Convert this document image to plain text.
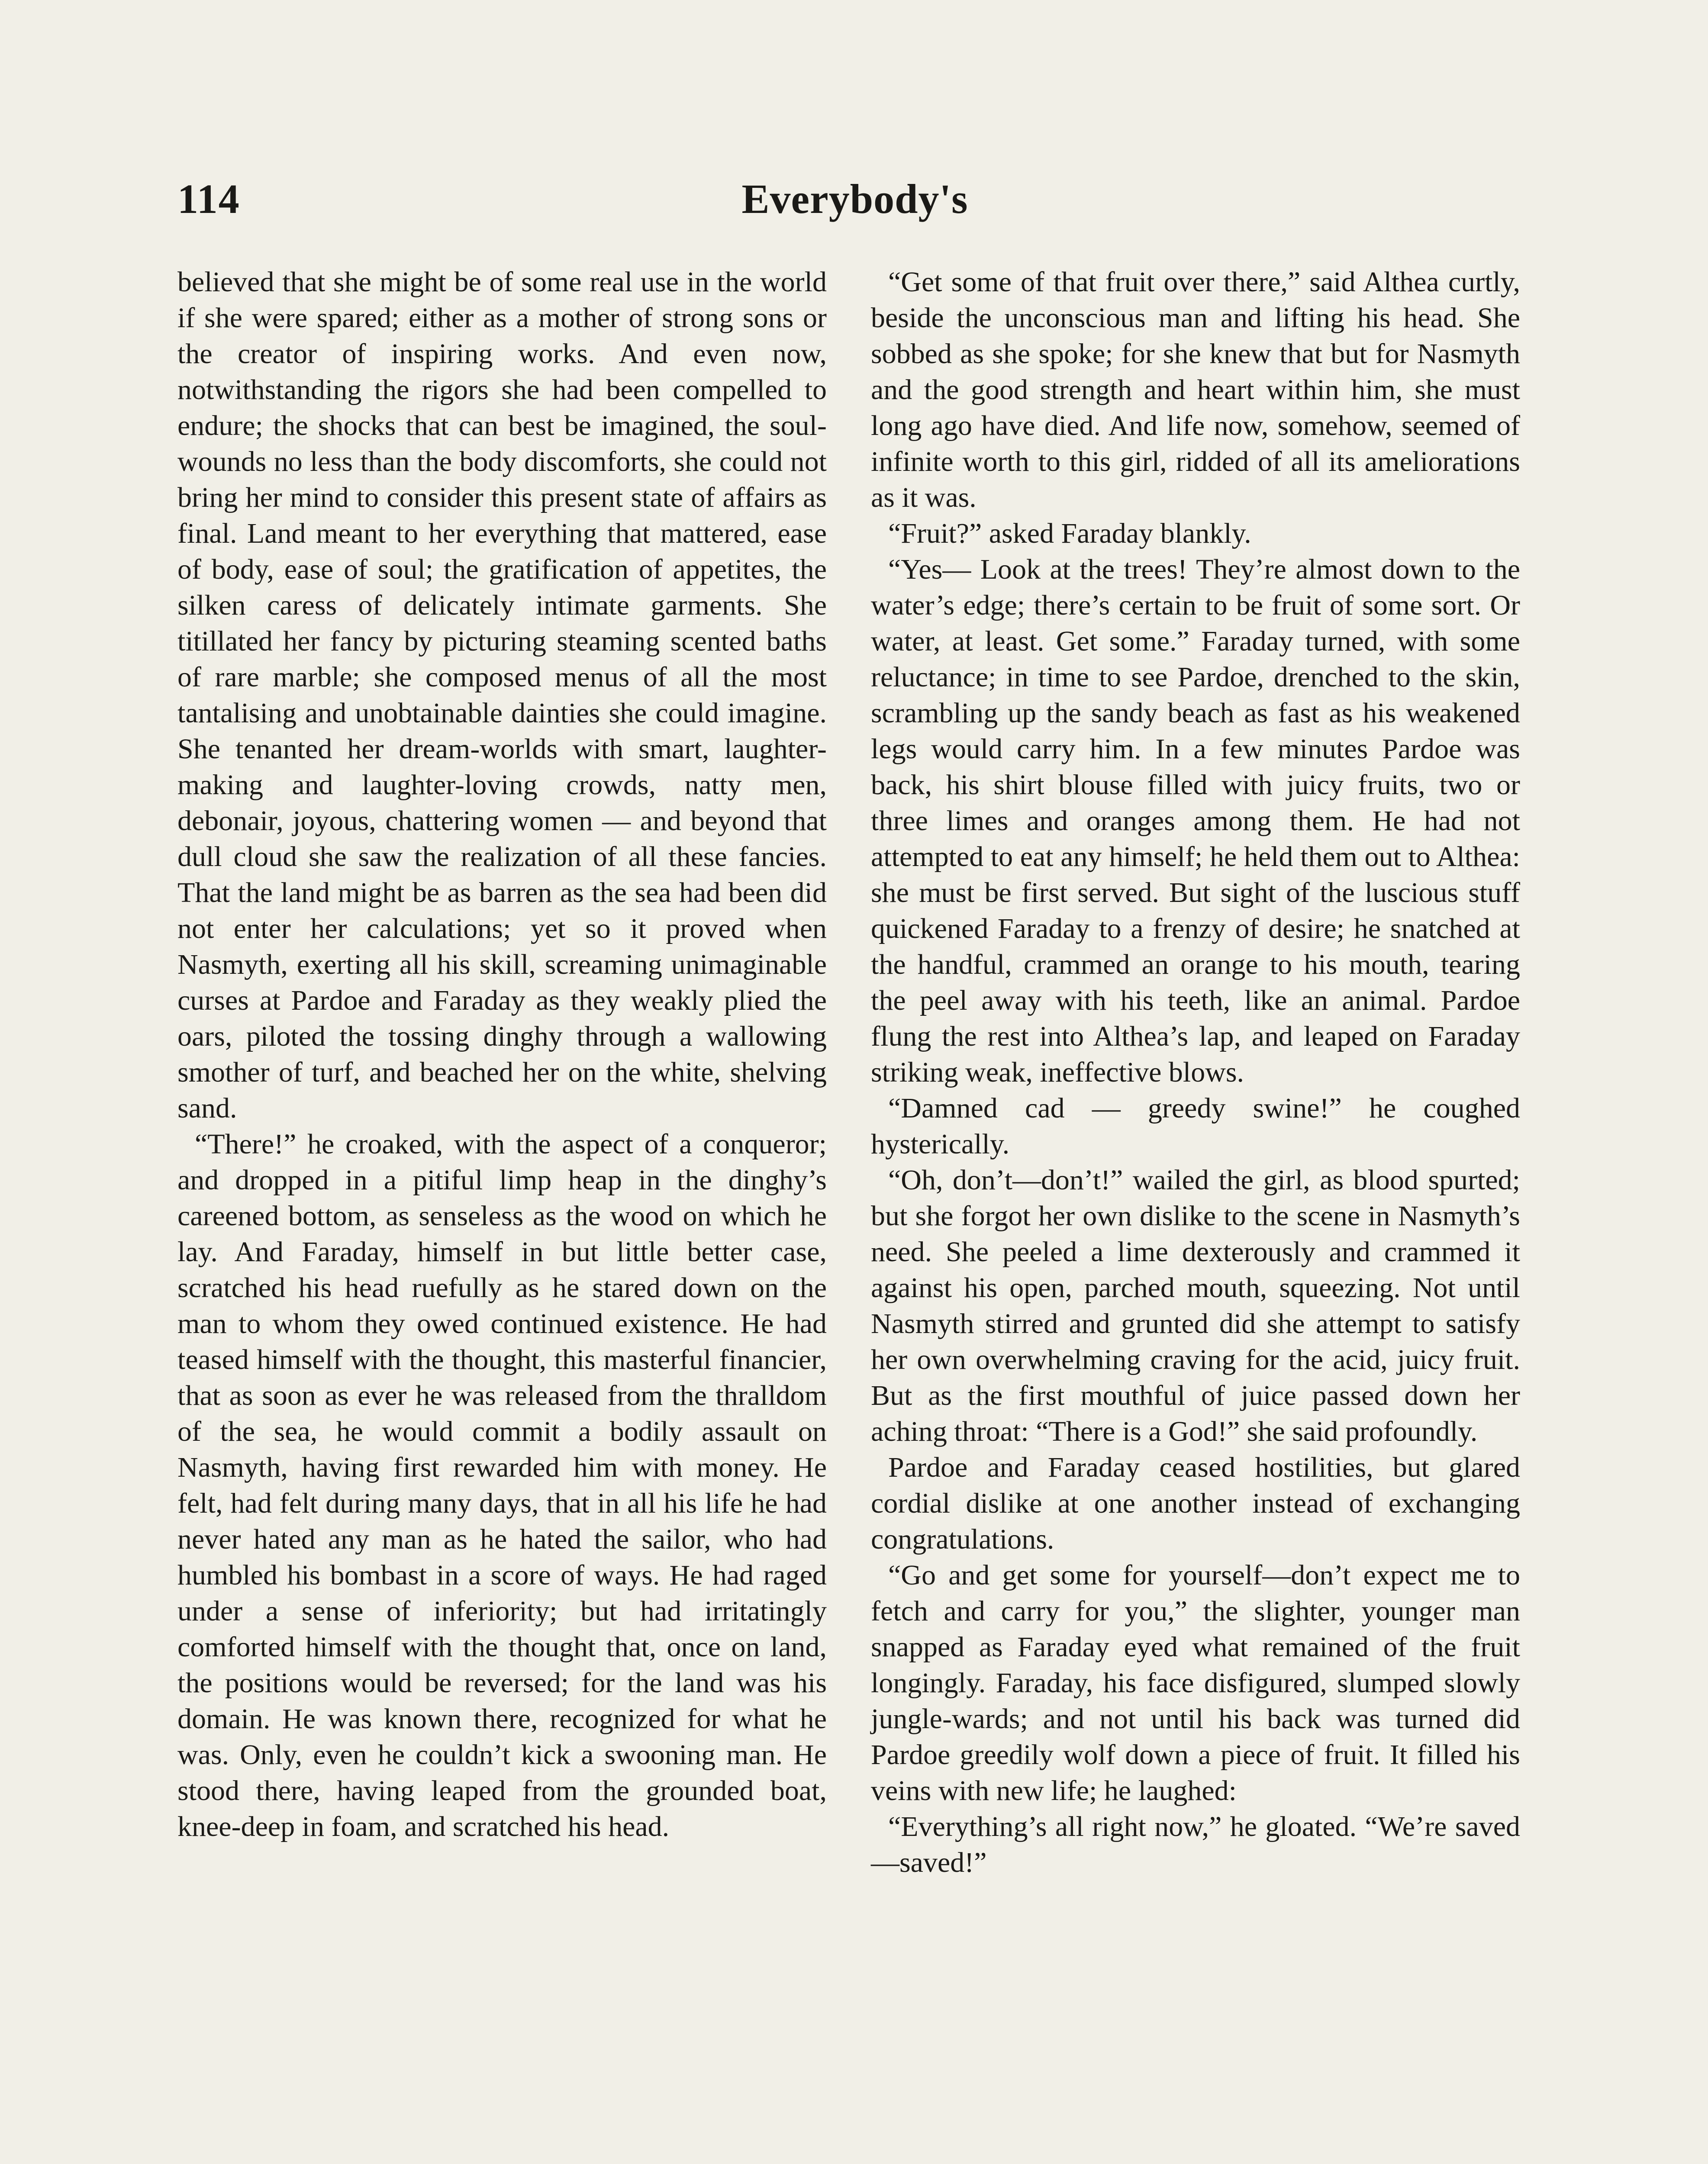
114	Everybody's

believed that she might be of some real use in the world if she were spared; either as a mother of strong sons or the creator of inspiring works. And even now, notwithstanding the rigors she had been compelled to endure; the shocks that can best be imagined, the soul-wounds no less than the body discomforts, she could not bring her mind to consider this present state of affairs as final. Land meant to her everything that mattered, ease of body, ease of soul; the gratification of appetites, the silken caress of delicately intimate garments. She titillated her fancy by picturing steaming scented baths of rare marble; she composed menus of all the most tantalising and unobtainable dainties she could imagine. She tenanted her dream-worlds with smart, laughter-making and laughter-loving crowds, natty men, debonair, joyous, chattering women — and beyond that dull cloud she saw the realization of all these fancies. That the land might be as barren as the sea had been did not enter her calculations; yet so it proved when Nasmyth, exerting all his skill, screaming unimaginable curses at Pardoe and Faraday as they weakly plied the oars, piloted the tossing dinghy through a wallowing smother of turf, and beached her on the white, shelving sand.

“There!” he croaked, with the aspect of a conqueror; and dropped in a pitiful limp heap in the dinghy’s careened bottom, as senseless as the wood on which he lay. And Faraday, himself in but little better case, scratched his head ruefully as he stared down on the man to whom they owed continued existence. He had teased himself with the thought, this masterful financier, that as soon as ever he was released from the thralldom of the sea, he would commit a bodily assault on Nasmyth, having first rewarded him with money. He felt, had felt during many days, that in all his life he had never hated any man as he hated the sailor, who had humbled his bombast in a score of ways. He had raged under a sense of inferiority; but had irritatingly comforted himself with the thought that, once on land, the positions would be reversed; for the land was his domain. He was known there, recognized for what he was. Only, even he couldn’t kick a swooning man. He stood there, having leaped from the grounded boat, knee-deep in foam, and scratched his head.

“Get some of that fruit over there,” said Althea curtly, beside the unconscious man and lifting his head. She sobbed as she spoke; for she knew that but for Nasmyth and the good strength and heart within him, she must long ago have died. And life now, somehow, seemed of infinite worth to this girl, ridded of all its ameliorations as it was.

“Fruit?” asked Faraday blankly.

“Yes— Look at the trees! They’re almost down to the water’s edge; there’s certain to be fruit of some sort. Or water, at least. Get some.” Faraday turned, with some reluctance; in time to see Pardoe, drenched to the skin, scrambling up the sandy beach as fast as his weakened legs would carry him. In a few minutes Pardoe was back, his shirt blouse filled with juicy fruits, two or three limes and oranges among them. He had not attempted to eat any himself; he held them out to Althea: she must be first served. But sight of the luscious stuff quickened Faraday to a frenzy of desire; he snatched at the handful, crammed an orange to his mouth, tearing the peel away with his teeth, like an animal. Pardoe flung the rest into Althea’s lap, and leaped on Faraday striking weak, ineffective blows.

“Damned cad — greedy swine!” he coughed hysterically.

“Oh, don’t—don’t!” wailed the girl, as blood spurted; but she forgot her own dislike to the scene in Nasmyth’s need. She peeled a lime dexterously and crammed it against his open, parched mouth, squeezing. Not until Nasmyth stirred and grunted did she attempt to satisfy her own overwhelming craving for the acid, juicy fruit. But as the first mouthful of juice passed down her aching throat: “There is a God!” she said profoundly.

Pardoe and Faraday ceased hostilities, but glared cordial dislike at one another instead of exchanging congratulations.

“Go and get some for yourself—don’t expect me to fetch and carry for you,” the slighter, younger man snapped as Faraday eyed what remained of the fruit longingly. Faraday, his face disfigured, slumped slowly jungle-wards; and not until his back was turned did Pardoe greedily wolf down a piece of fruit. It filled his veins with new life; he laughed:

“Everything’s all right now,” he gloated. “We’re saved—saved!”
